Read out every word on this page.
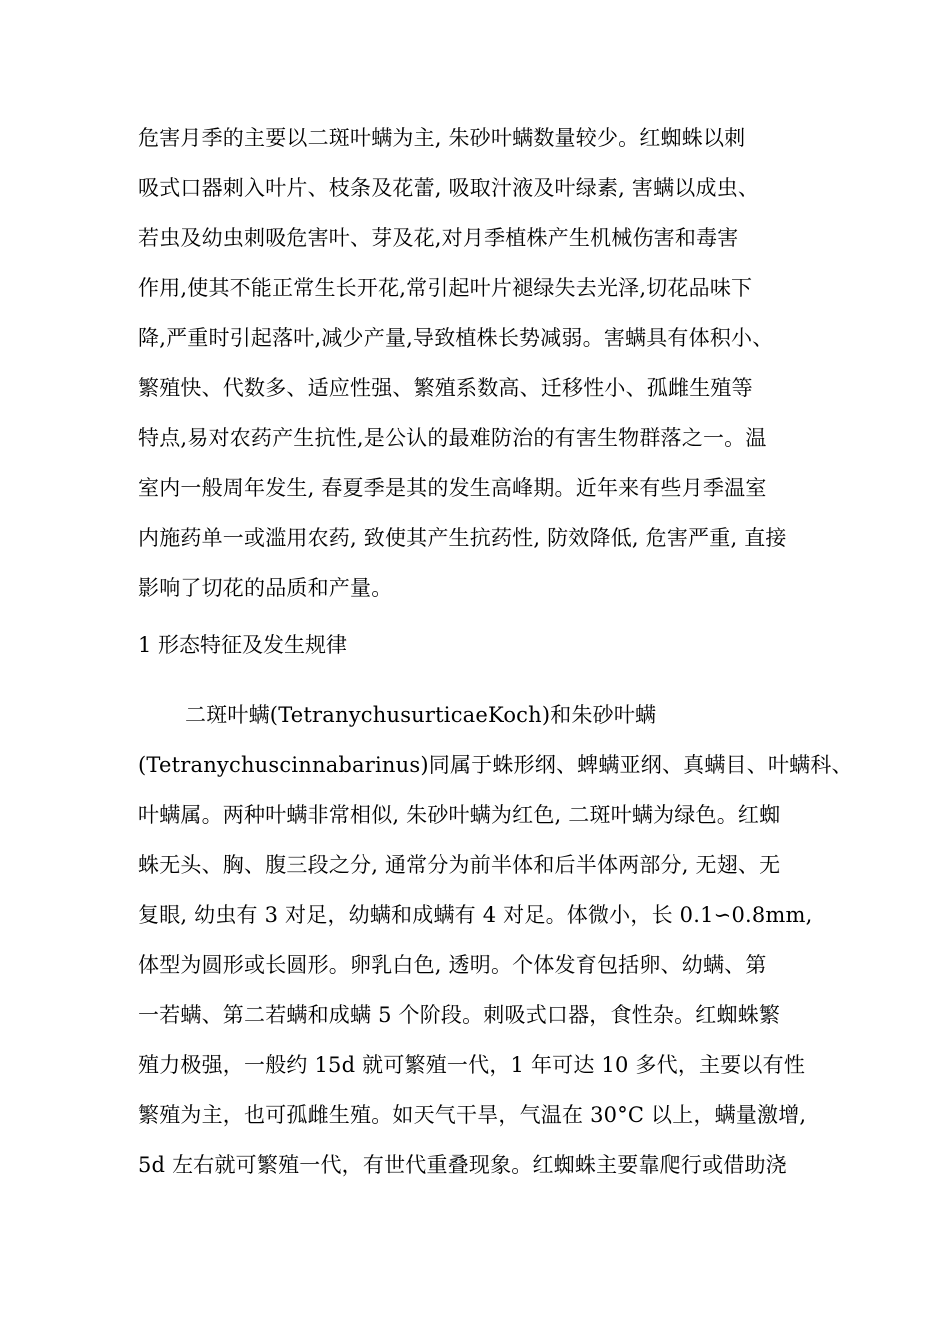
危害月季的主要以二斑叶螨为主, 朱砂叶螨数量较少。红蜘蛛以刺
吸式口器刺入叶片、枝条及花蕾, 吸取汁液及叶绿素, 害螨以成虫、
若虫及幼虫刺吸危害叶、芽及花,对月季植株产生机械伤害和毒害
作用,使其不能正常生长开花,常引起叶片褪绿失去光泽,切花品味下
降,严重时引起落叶,减少产量,导致植株长势减弱。害螨具有体积小、
繁殖快、代数多、适应性强、繁殖系数高、迁移性小、孤雌生殖等
特点,易对农药产生抗性,是公认的最难防治的有害生物群落之一。温
室内一般周年发生, 春夏季是其的发生高峰期。近年来有些月季温室
内施药单一或滥用农药, 致使其产生抗药性, 防效降低, 危害严重, 直接
影响了切花的品质和产量。
1 形态特征及发生规律
二斑叶螨(TetranychusurticaeKoch)和朱砂叶螨
(Tetranychuscinnabarinus)同属于蛛形纲、蜱螨亚纲、真螨目、叶螨科、
叶螨属。两种叶螨非常相似, 朱砂叶螨为红色, 二斑叶螨为绿色。红蜘
蛛无头、胸、腹三段之分, 通常分为前半体和后半体两部分, 无翅、无
复眼, 幼虫有 3 对足，幼螨和成螨有 4 对足。体微小，长 0.1∽0.8mm,
体型为圆形或长圆形。卵乳白色, 透明。个体发育包括卵、幼螨、第
一若螨、第二若螨和成螨 5 个阶段。刺吸式口器，食性杂。红蜘蛛繁
殖力极强，一般约 15d 就可繁殖一代，1 年可达 10 多代，主要以有性
繁殖为主，也可孤雌生殖。如天气干旱，气温在 30°C 以上，螨量激增,
5d 左右就可繁殖一代，有世代重叠现象。红蜘蛛主要靠爬行或借助浇
